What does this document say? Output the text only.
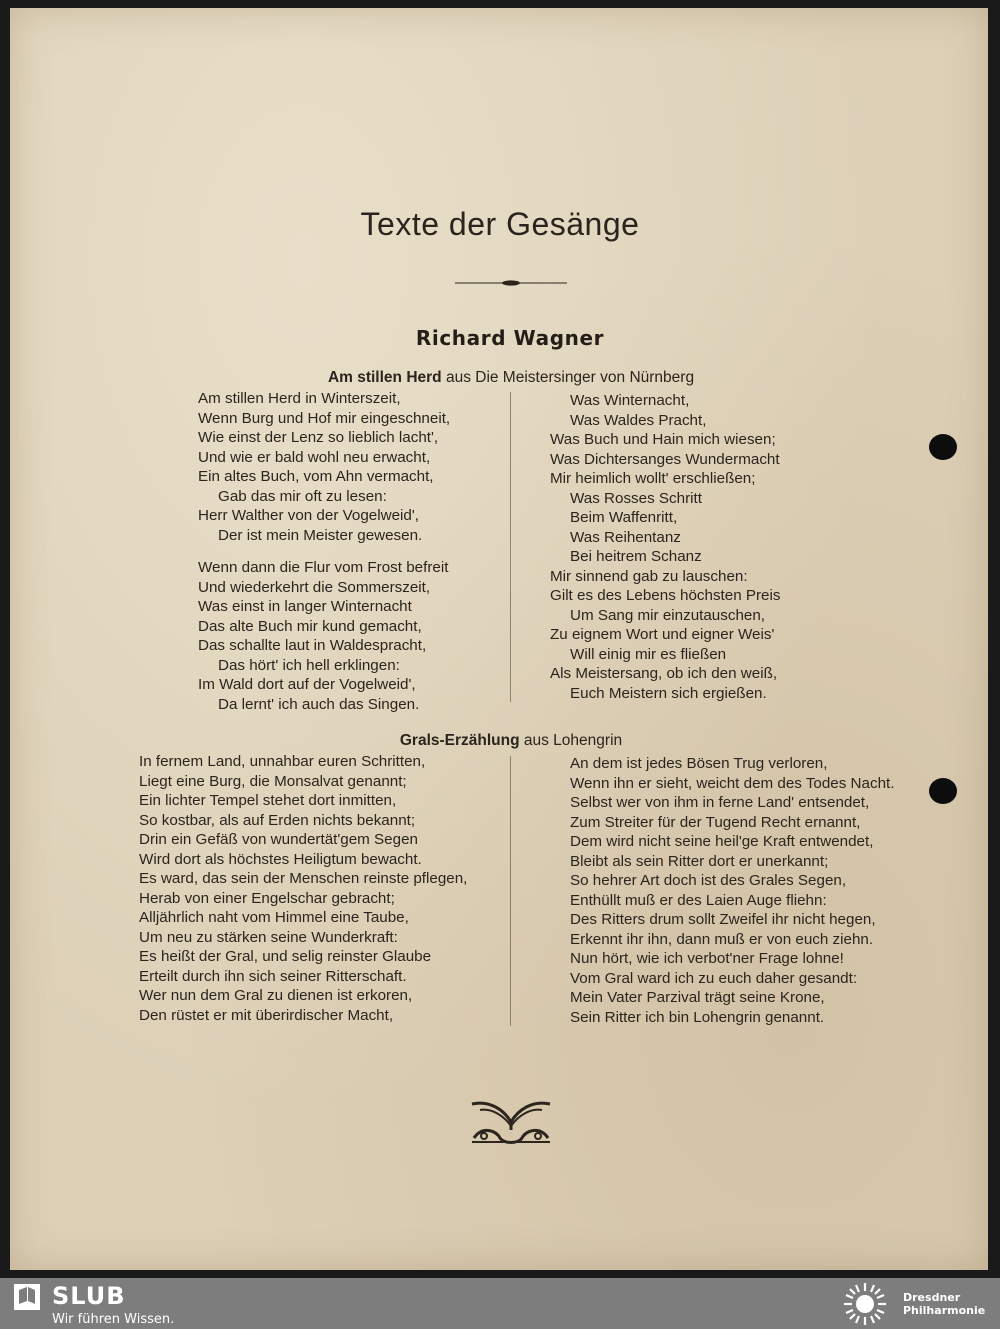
Texte der Gesänge
Richard Wagner
Am stillen Herd aus Die Meistersinger von Nürnberg
Am stillen Herd in Winterszeit,
Wenn Burg und Hof mir eingeschneit,
Wie einst der Lenz so lieblich lacht',
Und wie er bald wohl neu erwacht,
Ein altes Buch, vom Ahn vermacht,
Gab das mir oft zu lesen:
Herr Walther von der Vogelweid',
Der ist mein Meister gewesen.
Wenn dann die Flur vom Frost befreit
Und wiederkehrt die Sommerszeit,
Was einst in langer Winternacht
Das alte Buch mir kund gemacht,
Das schallte laut in Waldespracht,
Das hört' ich hell erklingen:
Im Wald dort auf der Vogelweid',
Da lernt' ich auch das Singen.
Was Winternacht,
Was Waldes Pracht,
Was Buch und Hain mich wiesen;
Was Dichtersanges Wundermacht
Mir heimlich wollt' erschließen;
Was Rosses Schritt
Beim Waffenritt,
Was Reihentanz
Bei heitrem Schanz
Mir sinnend gab zu lauschen:
Gilt es des Lebens höchsten Preis
Um Sang mir einzutauschen,
Zu eignem Wort und eigner Weis'
Will einig mir es fließen
Als Meistersang, ob ich den weiß,
Euch Meistern sich ergießen.
Grals-Erzählung aus Lohengrin
In fernem Land, unnahbar euren Schritten,
Liegt eine Burg, die Monsalvat genannt;
Ein lichter Tempel stehet dort inmitten,
So kostbar, als auf Erden nichts bekannt;
Drin ein Gefäß von wundertät'gem Segen
Wird dort als höchstes Heiligtum bewacht.
Es ward, das sein der Menschen reinste pflegen,
Herab von einer Engelschar gebracht;
Alljährlich naht vom Himmel eine Taube,
Um neu zu stärken seine Wunderkraft:
Es heißt der Gral, und selig reinster Glaube
Erteilt durch ihn sich seiner Ritterschaft.
Wer nun dem Gral zu dienen ist erkoren,
Den rüstet er mit überirdischer Macht,
An dem ist jedes Bösen Trug verloren,
Wenn ihn er sieht, weicht dem des Todes Nacht.
Selbst wer von ihm in ferne Land' entsendet,
Zum Streiter für der Tugend Recht ernannt,
Dem wird nicht seine heil'ge Kraft entwendet,
Bleibt als sein Ritter dort er unerkannt;
So hehrer Art doch ist des Grales Segen,
Enthüllt muß er des Laien Auge fliehn:
Des Ritters drum sollt Zweifel ihr nicht hegen,
Erkennt ihr ihn, dann muß er von euch ziehn.
Nun hört, wie ich verbot'ner Frage lohne!
Vom Gral ward ich zu euch daher gesandt:
Mein Vater Parzival trägt seine Krone,
Sein Ritter ich bin Lohengrin genannt.
SLUB
Wir führen Wissen.
Dresdner
Philharmonie
